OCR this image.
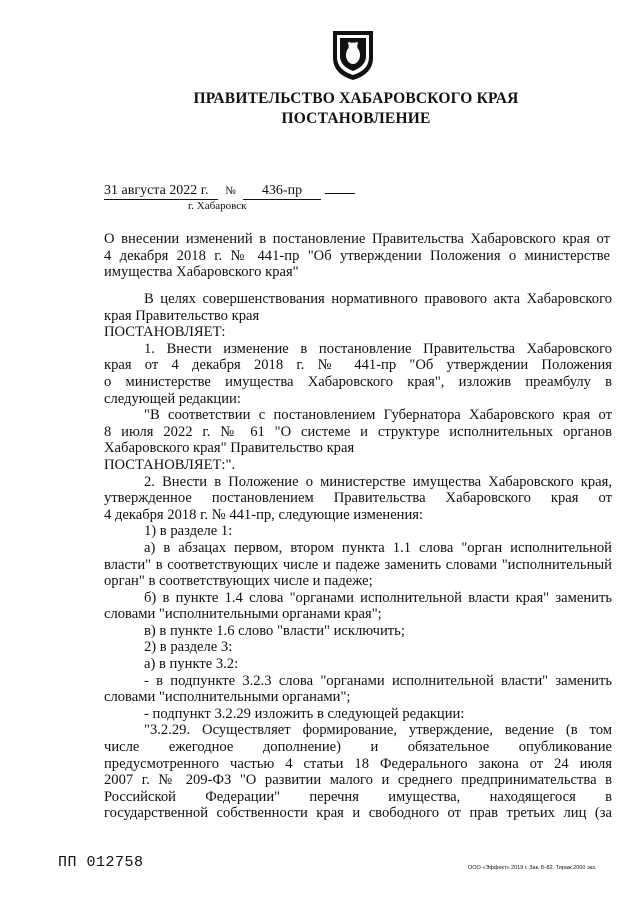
ПРАВИТЕЛЬСТВО ХАБАРОВСКОГО КРАЯ
ПОСТАНОВЛЕНИЕ
31 августа 2022 г. № 436-пр
г. Хабаровск
О внесении изменений в постановление Правительства Хабаровского края от
4 декабря 2018 г. № 441-пр "Об утверждении Положения о министерстве
имущества Хабаровского края"
В целях совершенствования нормативного правового акта Хабаровского
края Правительство края
ПОСТАНОВЛЯЕТ:
1. Внести изменение в постановление Правительства Хабаровского
края от 4 декабря 2018 г. № 441-пр "Об утверждении Положения
о министерстве имущества Хабаровского края", изложив преамбулу в
следующей редакции:
"В соответствии с постановлением Губернатора Хабаровского края от
8 июля 2022 г. № 61 "О системе и структуре исполнительных органов
Хабаровского края" Правительство края
ПОСТАНОВЛЯЕТ:".
2. Внести в Положение о министерстве имущества Хабаровского края,
утвержденное постановлением Правительства Хабаровского края от
4 декабря 2018 г. № 441-пр, следующие изменения:
1) в разделе 1:
а) в абзацах первом, втором пункта 1.1 слова "орган исполнительной
власти" в соответствующих числе и падеже заменить словами "исполнительный
орган" в соответствующих числе и падеже;
б) в пункте 1.4 слова "органами исполнительной власти края" заменить
словами "исполнительными органами края";
в) в пункте 1.6 слово "власти" исключить;
2) в разделе 3:
а) в пункте 3.2:
- в подпункте 3.2.3 слова "органами исполнительной власти" заменить
словами "исполнительными органами";
- подпункт 3.2.29 изложить в следующей редакции:
"3.2.29. Осуществляет формирование, утверждение, ведение (в том
числе ежегодное дополнение) и обязательное опубликование
предусмотренного частью 4 статьи 18 Федерального закона от 24 июля
2007 г. № 209-ФЗ "О развитии малого и среднего предпринимательства в
Российской Федерации" перечня имущества, находящегося в
государственной собственности края и свободного от прав третьих лиц (за
ПП 012758	ООО «Эффект» 2019 г. Зак. Б-82. Тираж 2000 экз.
